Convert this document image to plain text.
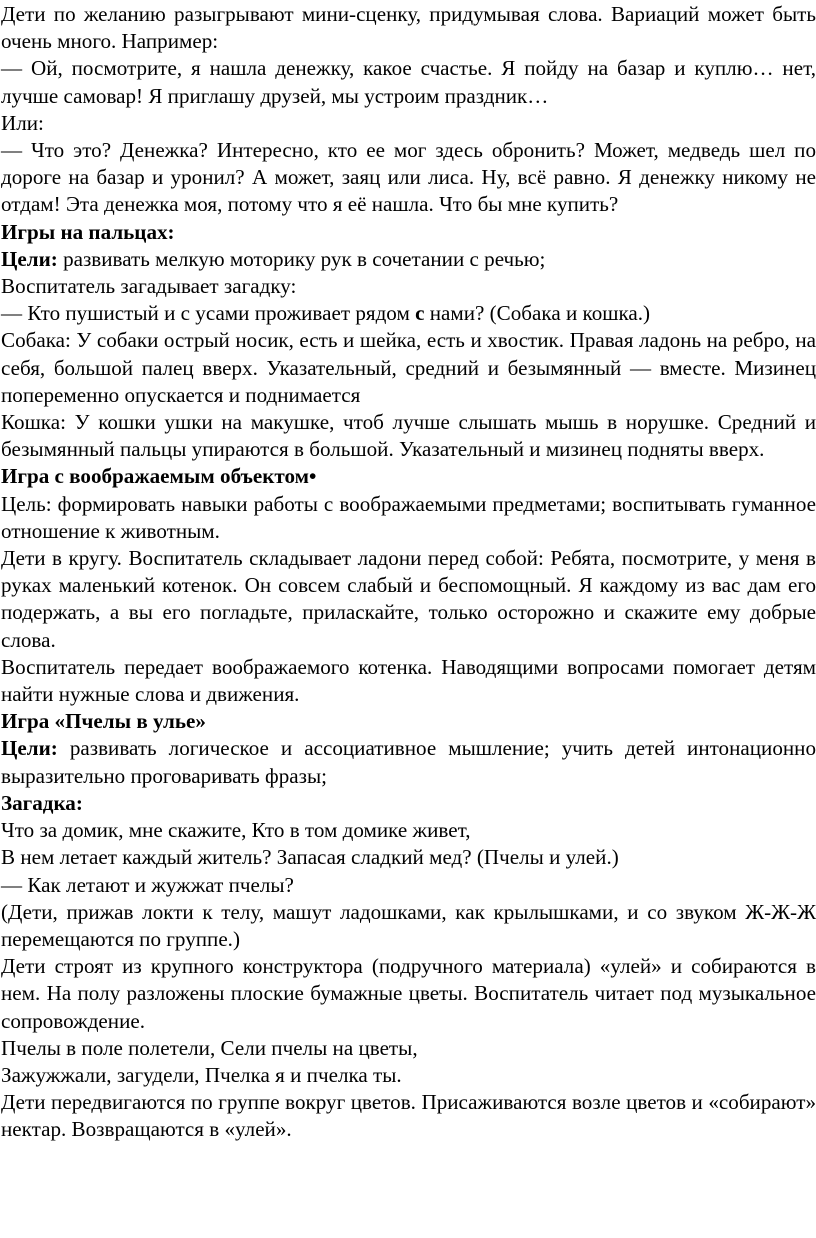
Дети по желанию разыгрывают мини-сценку, придумывая слова. Вариаций может быть очень много. Например:

— Ой, посмотрите, я нашла денежку, какое счастье. Я пойду на базар и куплю… нет, лучше самовар! Я приглашу друзей, мы устроим праздник…

Или:

— Что это? Денежка? Интересно, кто ее мог здесь обронить? Может, медведь шел по дороге на базар и уронил? А может, заяц или лиса. Ну, всё равно. Я денежку никому не отдам! Эта денежка моя, потому что я её нашла. Что бы мне купить?

Игры на пальцах:

Цели: развивать мелкую моторику рук в сочетании с речью;

Воспитатель загадывает загадку:

— Кто пушистый и с усами проживает рядом с нами? (Собака и кошка.)

Собака: У собаки острый носик, есть и шейка, есть и хвостик. Правая ладонь на ребро, на себя, большой палец вверх. Указательный, средний и безымянный — вместе. Мизинец попеременно опускается и поднимается

Кошка: У кошки ушки на макушке, чтоб лучше слышать мышь в норушке. Средний и безымянный пальцы упираются в большой. Указательный и мизинец подняты вверх.

Игра с воображаемым объектом•

Цель: формировать навыки работы с воображаемыми предметами; воспитывать гуманное отношение к животным.

Дети в кругу. Воспитатель складывает ладони перед собой: Ребята, посмотрите, у меня в руках маленький котенок. Он совсем слабый и беспомощный. Я каждому из вас дам его подержать, а вы его погладьте, приласкайте, только осторожно и скажите ему добрые слова.

Воспитатель передает воображаемого котенка. Наводящими вопросами помогает детям найти нужные слова и движения.

Игра «Пчелы в улье»

Цели: развивать логическое и ассоциативное мышление; учить детей интонационно выразительно проговаривать фразы;

Загадка:

Что за домик, мне скажите, Кто в том домике живет,

В нем летает каждый житель? Запасая сладкий мед? (Пчелы и улей.)

— Как летают и жужжат пчелы?

(Дети, прижав локти к телу, машут ладошками, как крылышками, и со звуком Ж-Ж-Ж перемещаются по группе.)

Дети строят из крупного конструктора (подручного материала) «улей» и собираются в нем. На полу разложены плоские бумажные цветы. Воспитатель читает под музыкальное сопровождение.

Пчелы в поле полетели, Сели пчелы на цветы,

Зажужжали, загудели, Пчелка я и пчелка ты.

Дети передвигаются по группе вокруг цветов. Присаживаются возле цветов и «собирают» нектар. Возвращаются в «улей».
